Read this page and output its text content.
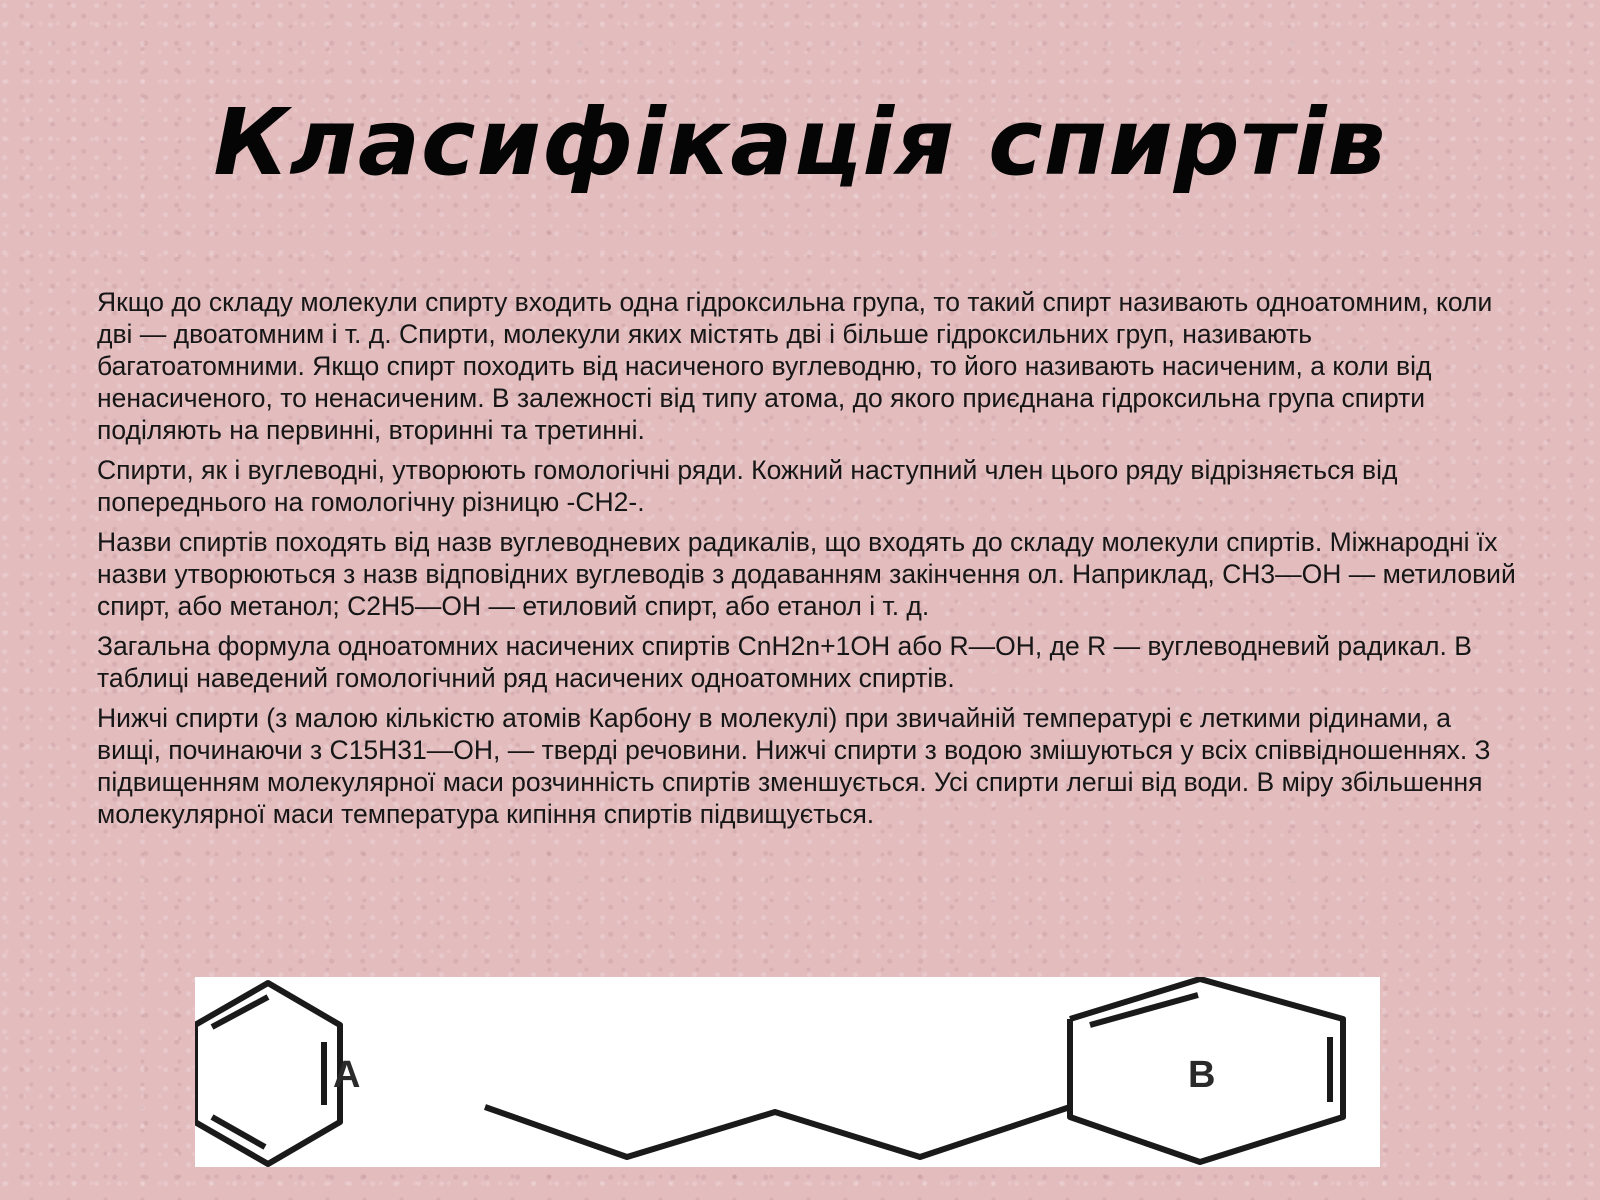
Класифікація спиртів

Якщо до складу молекули спирту входить одна гідроксильна група, то такий спирт називають одноатомним, коли дві — двоатомним і т. д. Спирти, молекули яких містять дві і більше гідроксильних груп, називають багатоатомними. Якщо спирт походить від насиченого вуглеводню, то його називають насиченим, а коли від ненасиченого, то ненасиченим. В залежності від типу атома, до якого приєднана гідроксильна група спирти поділяють на первинні, вторинні та третинні.

Спирти, як і вуглеводні, утворюють гомологічні ряди. Кожний наступний член цього ряду відрізняється від попереднього на гомологічну різницю -СН2-.

Назви спиртів походять від назв вуглеводневих радикалів, що входять до складу молекули спиртів. Міжнародні їх назви утворюються з назв відповідних вуглеводів з додаванням закінчення ол. Наприклад, СН3—ОН — метиловий спирт, або метанол; С2Н5—ОН — етиловий спирт, або етанол і т. д.

Загальна формула одноатомних насичених спиртів CnH2n+1OH або R—ОН, де R — вуглеводневий радикал. В таблиці наведений гомологічний ряд насичених одноатомних спиртів.

Нижчі спирти (з малою кількістю атомів Карбону в молекулі) при звичайній температурі є леткими рідинами, а вищі, починаючи з С15Н31—ОН, — тверді речовини. Нижчі спирти з водою змішуються у всіх співвідношеннях. З підвищенням молекулярної маси розчинність спиртів зменшується. Усі спирти легші від води. В міру збільшення молекулярної маси температура кипіння спиртів підвищується.

A	B
